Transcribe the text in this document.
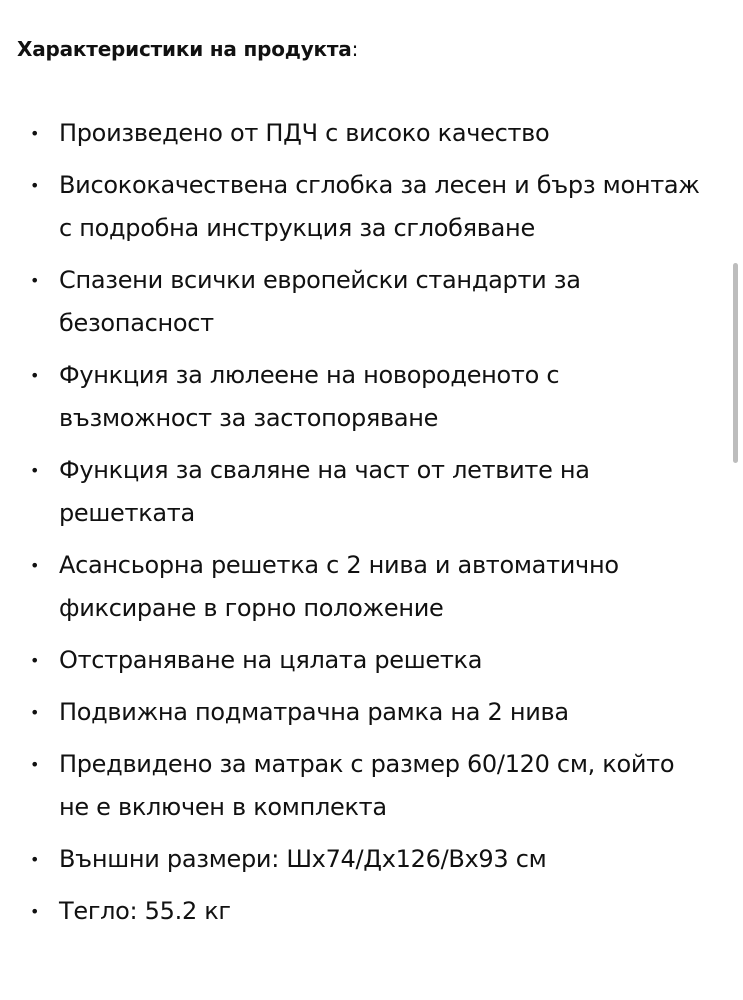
Характеристики на продукта:
• Произведено от ПДЧ с високо качество
• Висококачествена сглобка за лесен и бърз монтаж с подробна инструкция за сглобяване
• Спазени всички европейски стандарти за безопасност
• Функция за люлеене на новороденото с възможност за застопоряване
• Функция за сваляне на част от летвите на решетката
• Асансьорна решетка с 2 нива и автоматично фиксиране в горно положение
• Отстраняване на цялата решетка
• Подвижна подматрачна рамка на 2 нива
• Предвидено за матрак с размер 60/120 см, който не е включен в комплекта
• Външни размери: Шх74/Дх126/Вх93 см
• Тегло: 55.2 кг
